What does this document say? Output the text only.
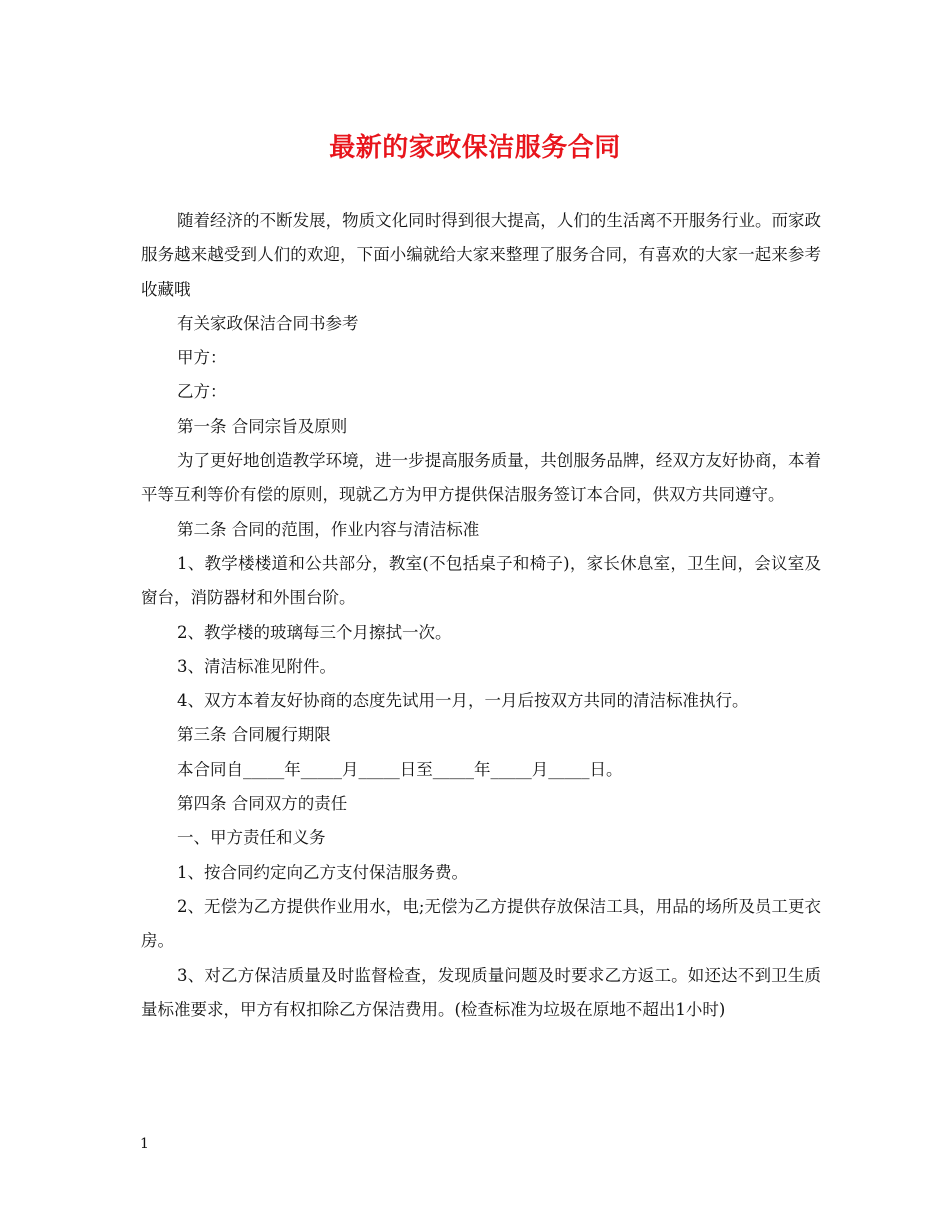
最新的家政保洁服务合同

随着经济的不断发展，物质文化同时得到很大提高，人们的生活离不开服务行业。而家政服务越来越受到人们的欢迎，下面小编就给大家来整理了服务合同，有喜欢的大家一起来参考收藏哦

有关家政保洁合同书参考

甲方：

乙方：

第一条 合同宗旨及原则

为了更好地创造教学环境，进一步提高服务质量，共创服务品牌，经双方友好协商，本着平等互利等价有偿的原则，现就乙方为甲方提供保洁服务签订本合同，供双方共同遵守。

第二条 合同的范围，作业内容与清洁标准

1、教学楼楼道和公共部分，教室(不包括桌子和椅子)，家长休息室，卫生间，会议室及窗台，消防器材和外围台阶。

2、教学楼的玻璃每三个月擦拭一次。

3、清洁标准见附件。

4、双方本着友好协商的态度先试用一月，一月后按双方共同的清洁标准执行。

第三条 合同履行期限

本合同自_____年_____月_____日至_____年_____月_____日。

第四条 合同双方的责任

一、甲方责任和义务

1、按合同约定向乙方支付保洁服务费。

2、无偿为乙方提供作业用水，电;无偿为乙方提供存放保洁工具，用品的场所及员工更衣房。

3、对乙方保洁质量及时监督检查，发现质量问题及时要求乙方返工。如还达不到卫生质量标准要求，甲方有权扣除乙方保洁费用。(检查标准为垃圾在原地不超出1小时)

1
